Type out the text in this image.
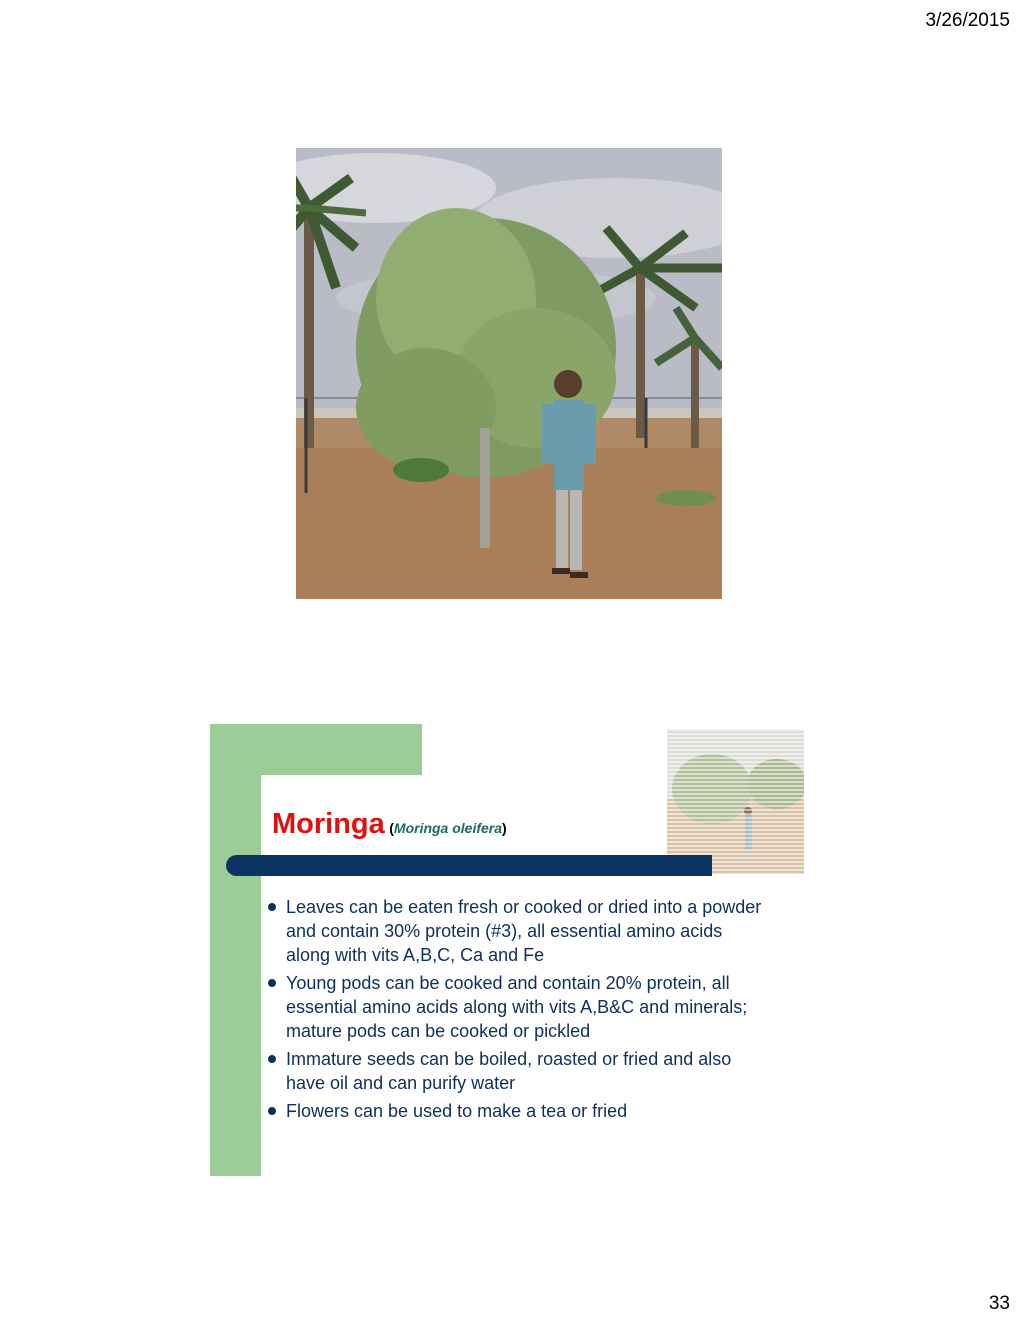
3/26/2015
Moringa (Moringa oleifera)
Leaves can be eaten fresh or cooked or dried into a powder and contain 30% protein (#3), all essential amino acids along with vits A,B,C, Ca and Fe
Young pods can be cooked and contain 20% protein, all essential amino acids along with vits A,B&C and minerals; mature pods can be cooked or pickled
Immature seeds can be boiled, roasted or fried and also have oil and can purify water
Flowers can be used to make a tea or fried
33
